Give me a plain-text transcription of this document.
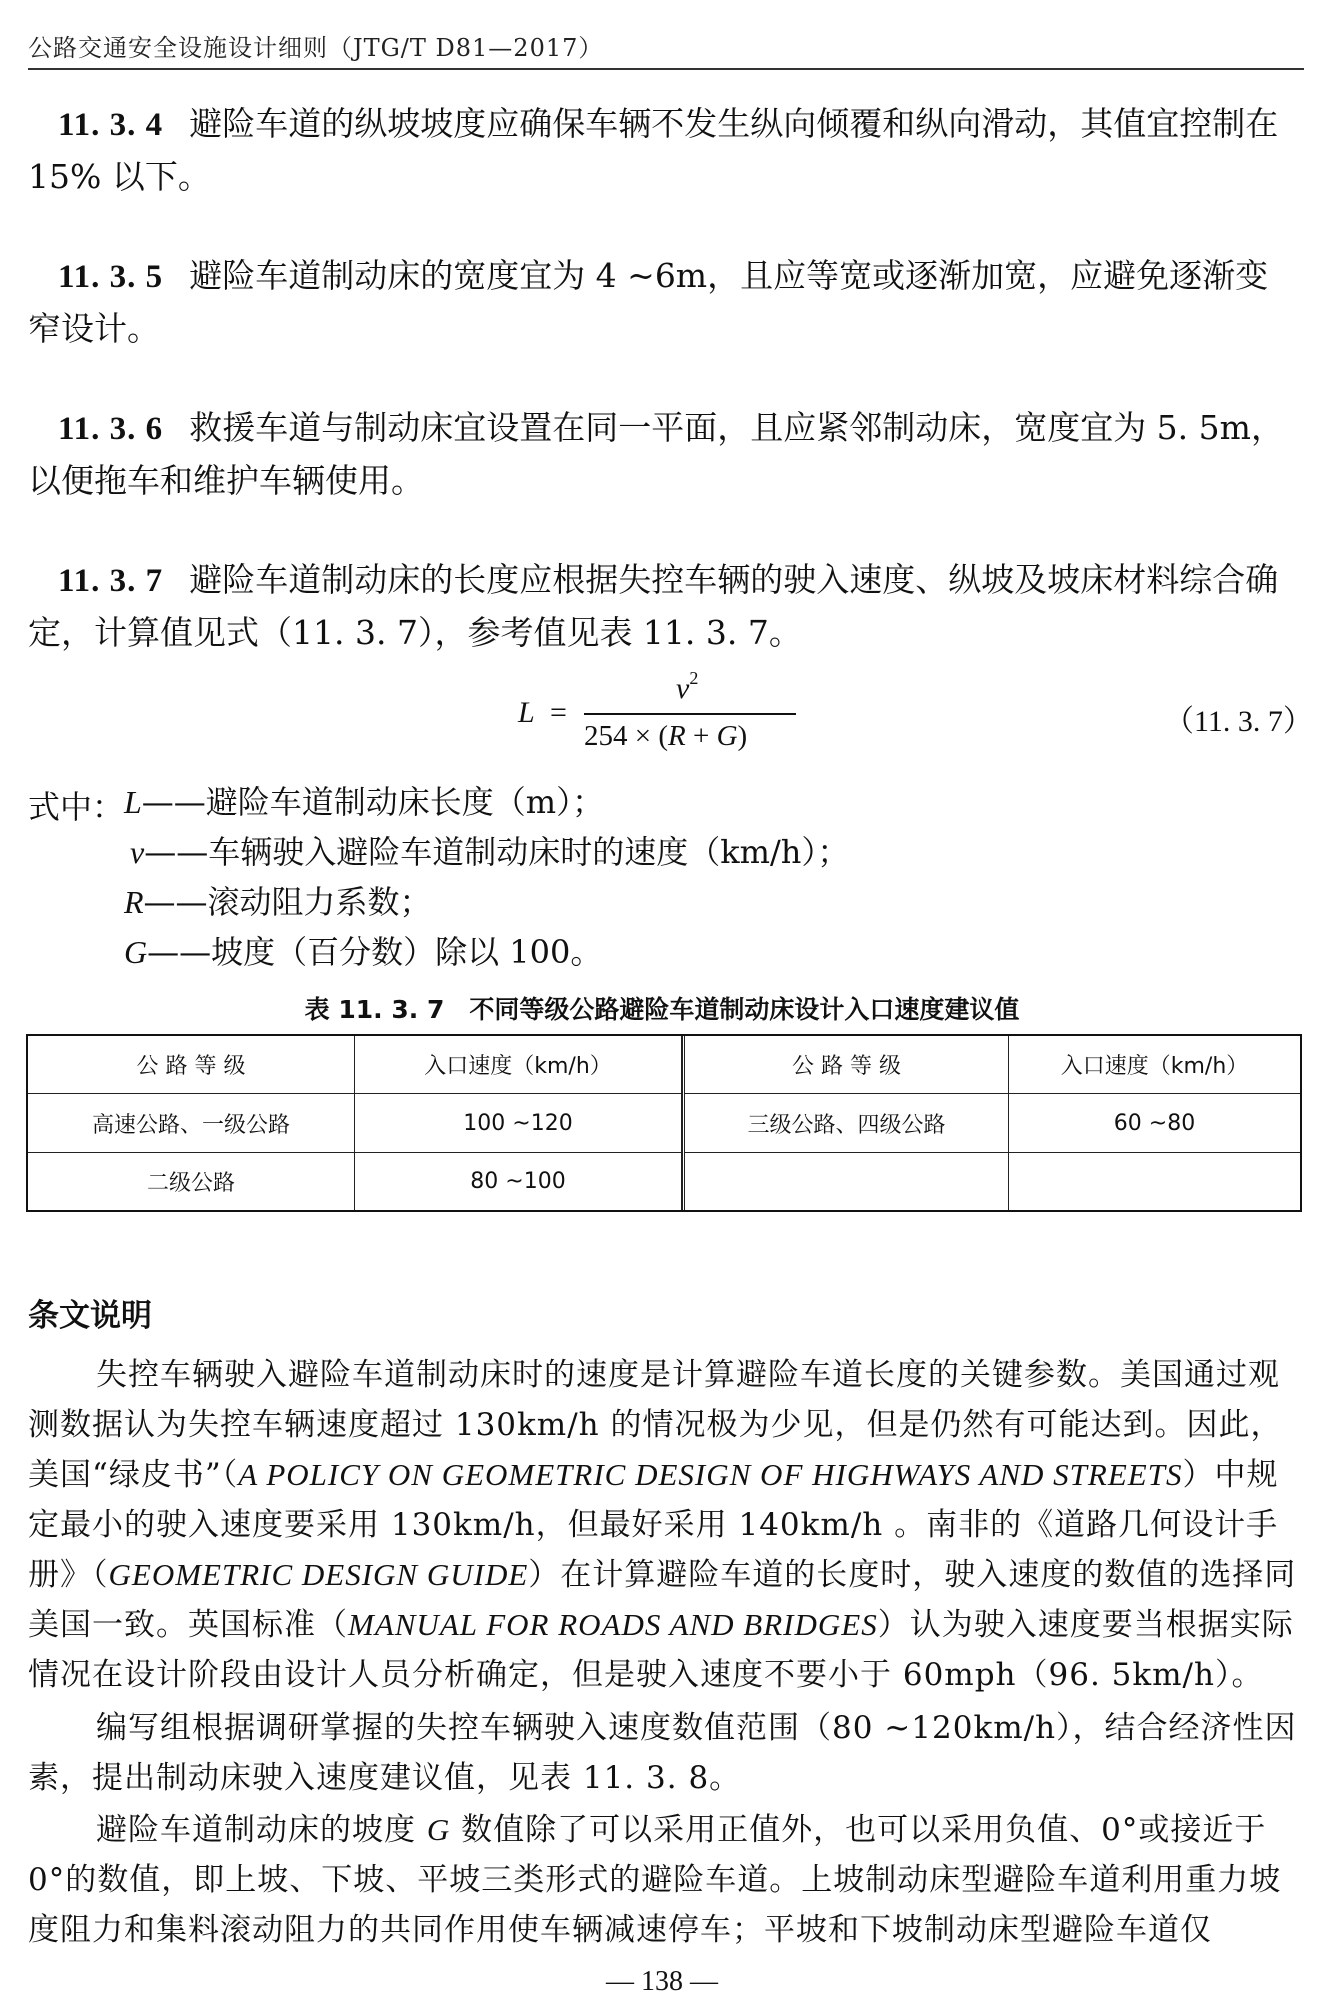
公路交通安全设施设计细则（JTG/T D81—2017）
11. 3. 4 避险车道的纵坡坡度应确保车辆不发生纵向倾覆和纵向滑动，其值宜控制在15% 以下。
11. 3. 5 避险车道制动床的宽度宜为 4 ~6m，且应等宽或逐渐加宽，应避免逐渐变窄设计。
11. 3. 6 救援车道与制动床宜设置在同一平面，且应紧邻制动床，宽度宜为 5. 5m，以便拖车和维护车辆使用。
11. 3. 7 避险车道制动床的长度应根据失控车辆的驶入速度、纵坡及坡床材料综合确定，计算值见式（11. 3. 7），参考值见表 11. 3. 7。
L =
$v^2$
254 × (R + G)	（11. 3. 7）
式中： L——避险车道制动床长度（m）；
v——车辆驶入避险车道制动床时的速度（km/h）；
R——滚动阻力系数；
G——坡度（百分数）除以 100。
表 11. 3. 7　不同等级公路避险车道制动床设计入口速度建议值
公 路 等 级	入口速度（km/h）	公 路 等 级	入口速度（km/h）
高速公路、一级公路	100 ~120	三级公路、四级公路	60 ~80
二级公路	80 ~100
条文说明
失控车辆驶入避险车道制动床时的速度是计算避险车道长度的关键参数。美国通过观测数据认为失控车辆速度超过 130km/h 的情况极为少见，但是仍然有可能达到。因此，美国“绿皮书”（A POLICY ON GEOMETRIC DESIGN OF HIGHWAYS AND STREETS）中规定最小的驶入速度要采用 130km/h，但最好采用 140km/h 。南非的《道路几何设计手册》（GEOMETRIC DESIGN GUIDE）在计算避险车道的长度时，驶入速度的数值的选择同美国一致。英国标准（MANUAL FOR ROADS AND BRIDGES）认为驶入速度要当根据实际情况在设计阶段由设计人员分析确定，但是驶入速度不要小于 60mph（96. 5km/h）。
编写组根据调研掌握的失控车辆驶入速度数值范围（80 ~120km/h），结合经济性因素，提出制动床驶入速度建议值，见表 11. 3. 8。
避险车道制动床的坡度 G 数值除了可以采用正值外，也可以采用负值、0°或接近于 0°的数值，即上坡、下坡、平坡三类形式的避险车道。上坡制动床型避险车道利用重力坡度阻力和集料滚动阻力的共同作用使车辆减速停车；平坡和下坡制动床型避险车道仅
— 138 —
